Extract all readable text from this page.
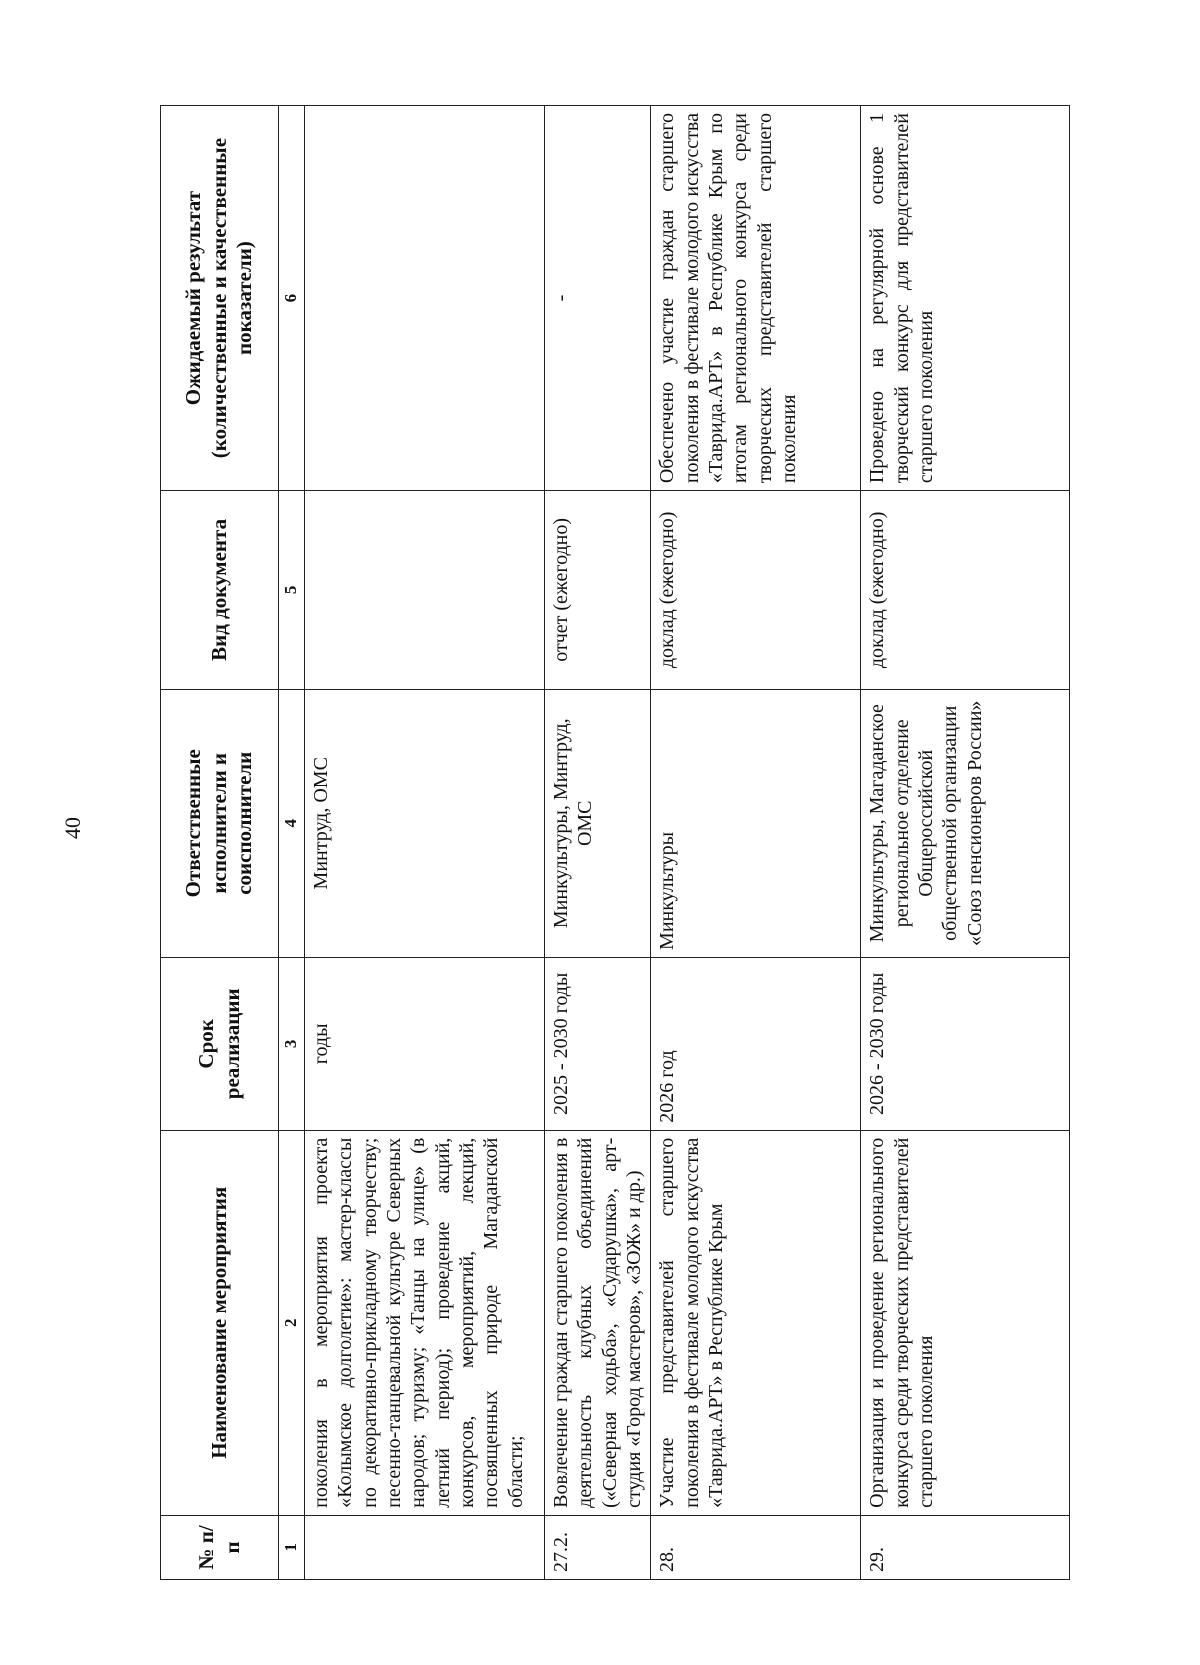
40
№ п/п	Наименование мероприятия	Срок реализации	Ответственные исполнители и соисполнители	Вид документа	Ожидаемый результат (количественные и качественные показатели)
1	2	3	4	5	6
	поколения в мероприятия проекта «Колымское долголетие»: мастер-классы по декоративно-прикладному творчеству; песенно-танцевальной культуре Северных народов; туризму; «Танцы на улице» (в летний период); проведение акций, конкурсов, мероприятий, лекций, посвященных природе Магаданской области;	годы	Минтруд, ОМС		
27.2.	Вовлечение граждан старшего поколения в деятельность клубных объединений («Северная ходьба», «Сударушка», арт-студия «Город мастеров», «ЗОЖ» и др.)	2025 - 2030 годы	Минкультуры, Минтруд, ОМС	отчет (ежегодно)	-
28.	Участие представителей старшего поколения в фестивале молодого искусства «Таврида.АРТ» в Республике Крым	2026 год	Минкультуры	доклад (ежегодно)	Обеспечено участие граждан старшего поколения в фестивале молодого искусства «Таврида.АРТ» в Республике Крым по итогам регионального конкурса среди творческих представителей старшего поколения
29.	Организация и проведение регионального конкурса среди творческих представителей старшего поколения	2026 - 2030 годы	Минкультуры, Магаданское региональное отделение Общероссийской общественной организации «Союз пенсионеров России»	доклад (ежегодно)	Проведено на регулярной основе 1 творческий конкурс для представителей старшего поколения
